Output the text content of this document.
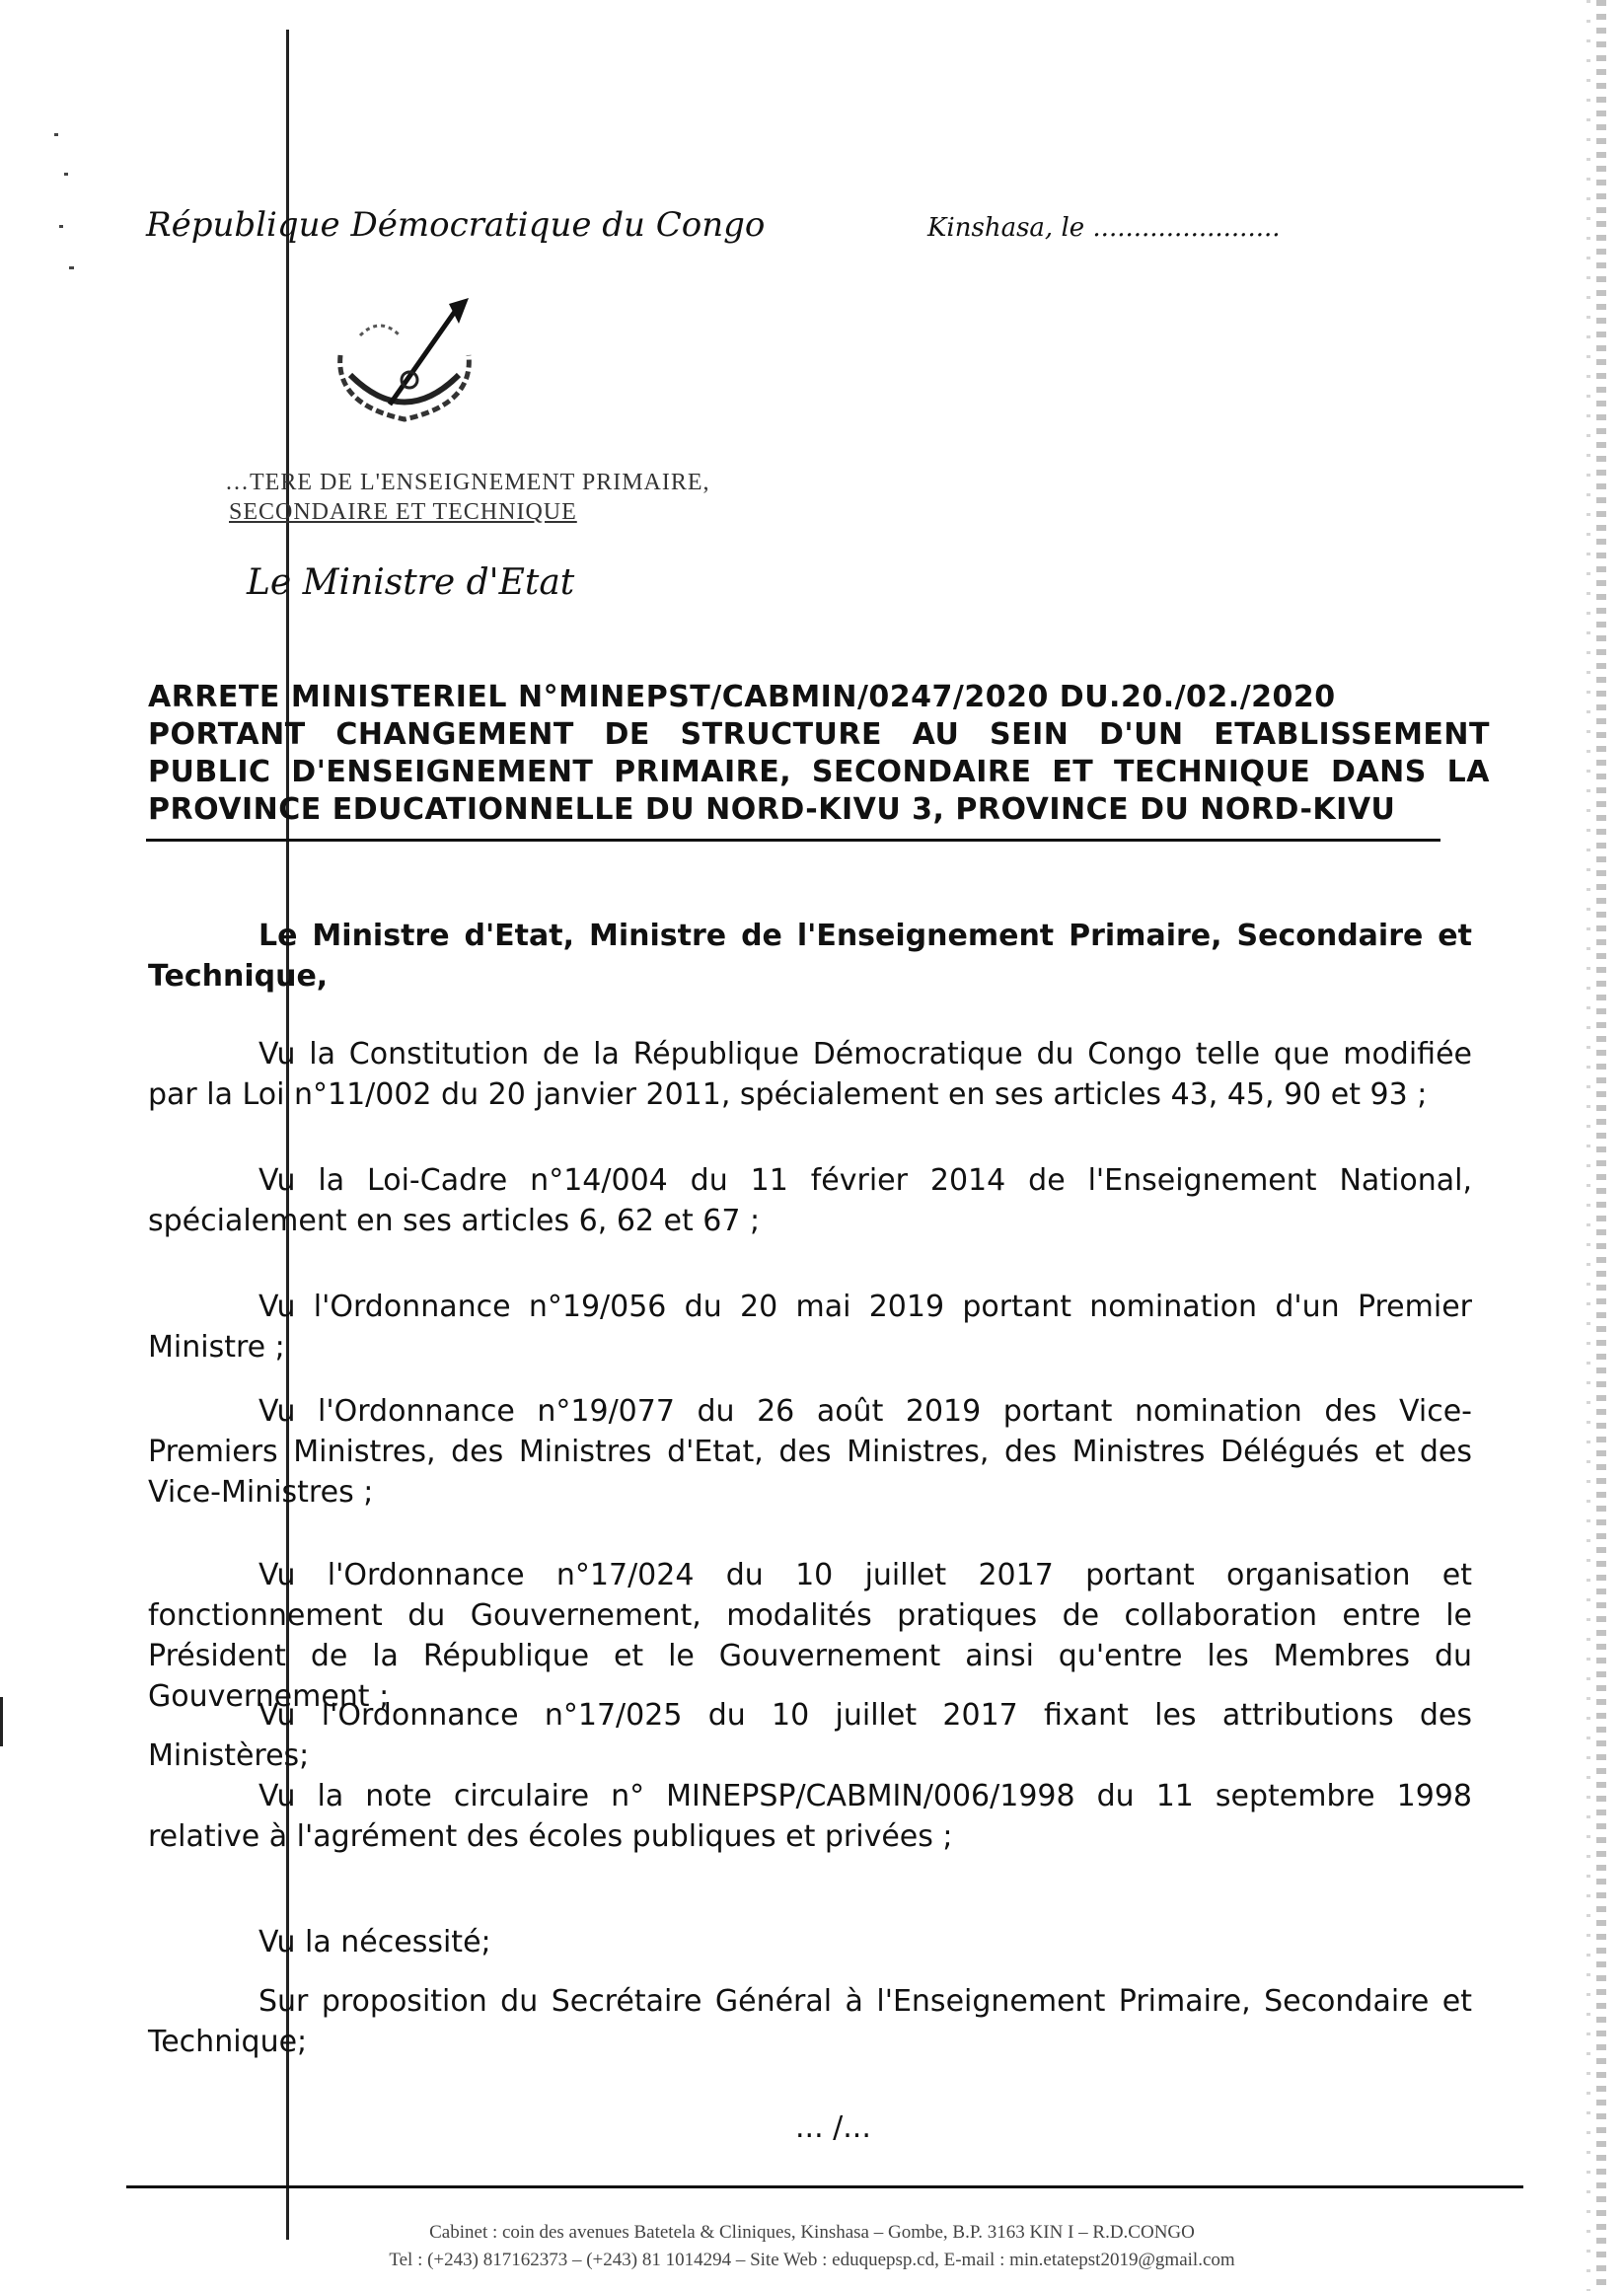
République Démocratique du Congo	Kinshasa, le .......................
…TERE DE L'ENSEIGNEMENT PRIMAIRE,
SECONDAIRE ET TECHNIQUE
Le Ministre d'Etat
ARRETE MINISTERIEL N°MINEPST/CABMIN/0247/2020 DU.20./02./2020
PORTANT CHANGEMENT DE STRUCTURE AU SEIN D'UN ETABLISSEMENT
PUBLIC D'ENSEIGNEMENT PRIMAIRE, SECONDAIRE ET TECHNIQUE DANS LA
PROVINCE EDUCATIONNELLE DU NORD-KIVU 3, PROVINCE DU NORD-KIVU
Le Ministre d'Etat, Ministre de l'Enseignement Primaire, Secondaire et Technique,
Vu la Constitution de la République Démocratique du Congo telle que modifiée par la Loi n°11/002 du 20 janvier 2011, spécialement en ses articles 43, 45, 90 et 93 ;
Vu la Loi-Cadre n°14/004 du 11 février 2014 de l'Enseignement National, spécialement en ses articles 6, 62 et 67 ;
Vu l'Ordonnance n°19/056 du 20 mai 2019 portant nomination d'un Premier Ministre ;
Vu l'Ordonnance n°19/077 du 26 août 2019 portant nomination des Vice-Premiers Ministres, des Ministres d'Etat, des Ministres, des Ministres Délégués et des Vice-Ministres ;
Vu l'Ordonnance n°17/024 du 10 juillet 2017 portant organisation et fonctionnement du Gouvernement, modalités pratiques de collaboration entre le Président de la République et le Gouvernement ainsi qu'entre les Membres du Gouvernement ;
Vu l'Ordonnance n°17/025 du 10 juillet 2017 fixant les attributions des Ministères;
Vu la note circulaire n° MINEPSP/CABMIN/006/1998 du 11 septembre 1998 relative à l'agrément des écoles publiques et privées ;
Vu la nécessité;
Sur proposition du Secrétaire Général à l'Enseignement Primaire, Secondaire et Technique;
... /...
Cabinet : coin des avenues Batetela & Cliniques, Kinshasa – Gombe, B.P. 3163 KIN I – R.D.CONGO
Tel : (+243) 817162373 – (+243) 81 1014294 – Site Web : eduquepsp.cd, E-mail : min.etatepst2019@gmail.com
